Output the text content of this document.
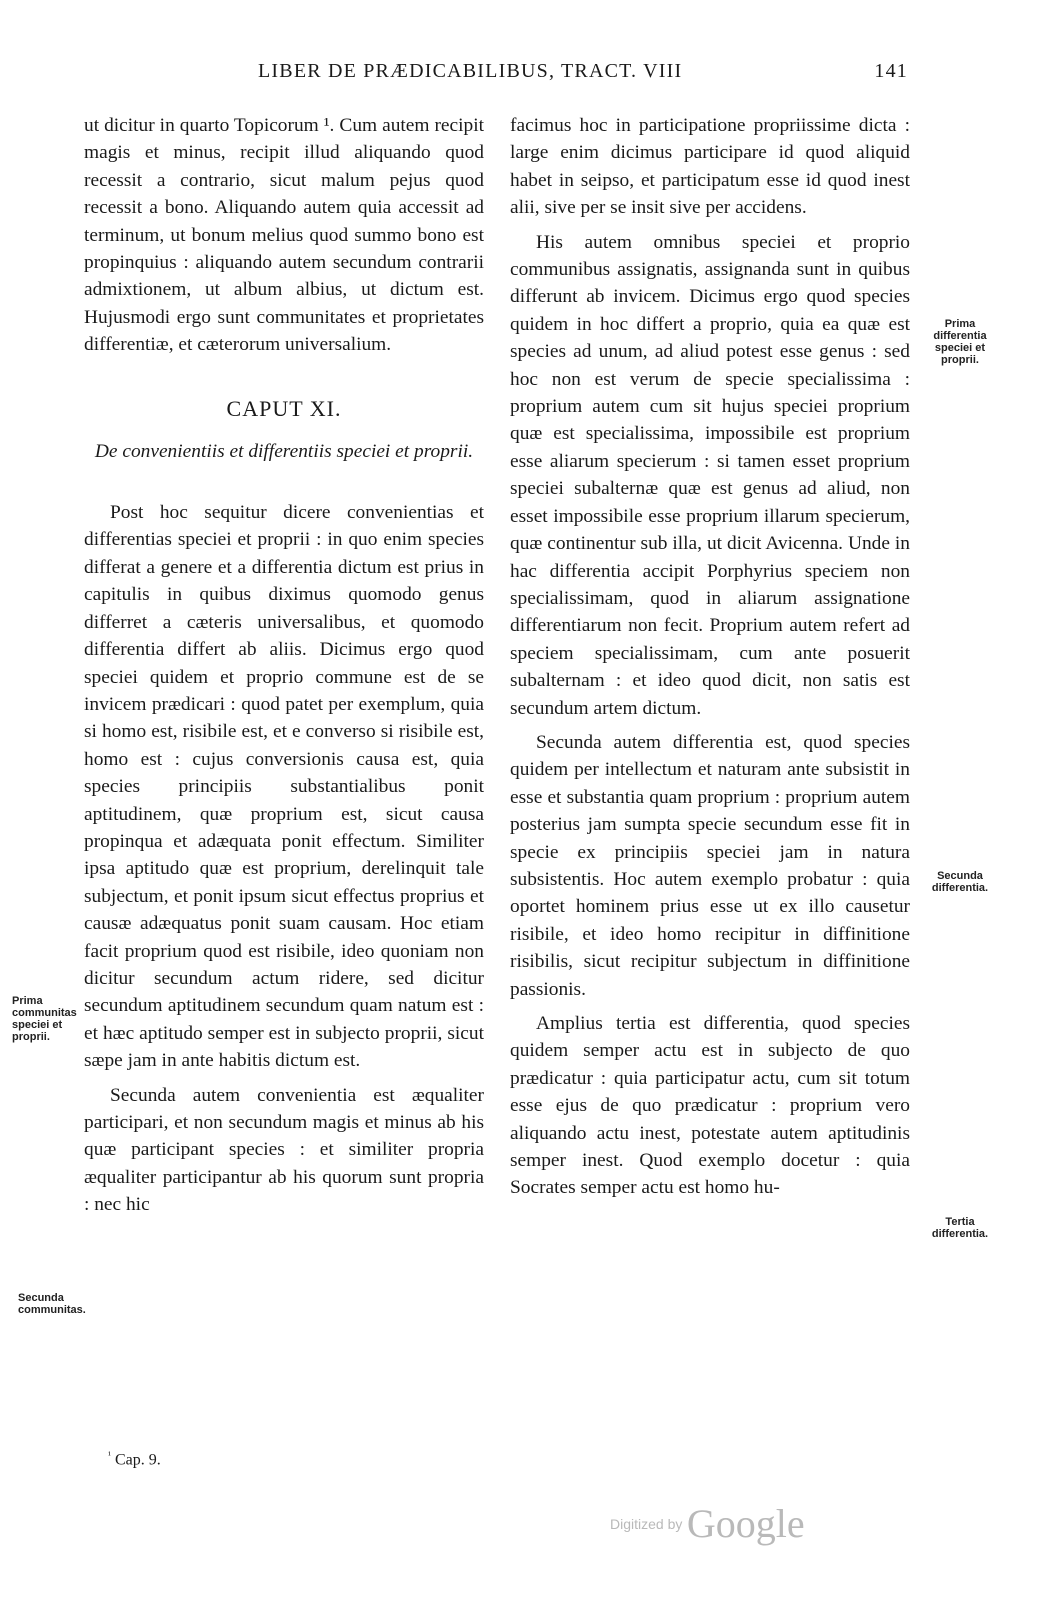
LIBER DE PRÆDICABILIBUS, TRACT. VIII	141

ut dicitur in quarto Topicorum ¹. Cum autem recipit magis et minus, recipit illud aliquando quod recessit a contrario, sicut malum pejus quod recessit a bono. Aliquando autem quia accessit ad terminum, ut bonum melius quod summo bono est propinquius : aliquando autem secundum contrarii admixtionem, ut album albius, ut dictum est. Hujusmodi ergo sunt communitates et proprietates differentiæ, et cæterorum universalium.

CAPUT XI.
De convenientiis et differentiis speciei et proprii.

Post hoc sequitur dicere convenientias et differentias speciei et proprii : in quo enim species differat a genere et a differentia dictum est prius in capitulis in quibus diximus quomodo genus differret a cæteris universalibus, et quomodo differentia differt ab aliis. Dicimus ergo quod speciei quidem et proprio commune est de se invicem prædicari : quod patet per exemplum, quia si homo est, risibile est, et e converso si risibile est, homo est : cujus conversionis causa est, quia species principiis substantialibus ponit aptitudinem, quæ proprium est, sicut causa propinqua et adæquata ponit effectum. Similiter ipsa aptitudo quæ est proprium, derelinquit tale subjectum, et ponit ipsum sicut effectus proprius et causæ adæquatus ponit suam causam. Hoc etiam facit proprium quod est risibile, ideo quoniam non dicitur secundum actum ridere, sed dicitur secundum aptitudinem secundum quam natum est : et hæc aptitudo semper est in subjecto proprii, sicut sæpe jam in ante habitis dictum est.

Secunda autem convenientia est æqualiter participari, et non secundum magis et minus ab his quæ participant species : et similiter propria æqualiter participantur ab his quorum sunt propria : nec hic

facimus hoc in participatione propriissime dicta : large enim dicimus participare id quod aliquid habet in seipso, et participatum esse id quod inest alii, sive per se insit sive per accidens.

His autem omnibus speciei et proprio communibus assignatis, assignanda sunt in quibus differunt ab invicem. Dicimus ergo quod species quidem in hoc differt a proprio, quia ea quæ est species ad unum, ad aliud potest esse genus : sed hoc non est verum de specie specialissima : proprium autem cum sit hujus speciei proprium quæ est specialissima, impossibile est proprium esse aliarum specierum : si tamen esset proprium speciei subalternæ quæ est genus ad aliud, non esset impossibile esse proprium illarum specierum, quæ continentur sub illa, ut dicit Avicenna. Unde in hac differentia accipit Porphyrius speciem non specialissimam, quod in aliarum assignatione differentiarum non fecit. Proprium autem refert ad speciem specialissimam, cum ante posuerit subalternam : et ideo quod dicit, non satis est secundum artem dictum.

Secunda autem differentia est, quod species quidem per intellectum et naturam ante subsistit in esse et substantia quam proprium : proprium autem posterius jam sumpta specie secundum esse fit in specie ex principiis speciei jam in natura subsistentis. Hoc autem exemplo probatur : quia oportet hominem prius esse ut ex illo causetur risibile, et ideo homo recipitur in diffinitione risibilis, sicut recipitur subjectum in diffinitione passionis.

Amplius tertia est differentia, quod species quidem semper actu est in subjecto de quo prædicatur : quia participatur actu, cum sit totum esse ejus de quo prædicatur : proprium vero aliquando actu inest, potestate autem aptitudinis semper inest. Quod exemplo docetur : quia Socrates semper actu est homo hu-

Prima communitas speciei et proprii.
Secunda communitas.
Prima differentia speciei et proprii.
Secunda differentia.
Tertia differentia.
$^{^1}$ Cap. 9.
Digitized by Google
